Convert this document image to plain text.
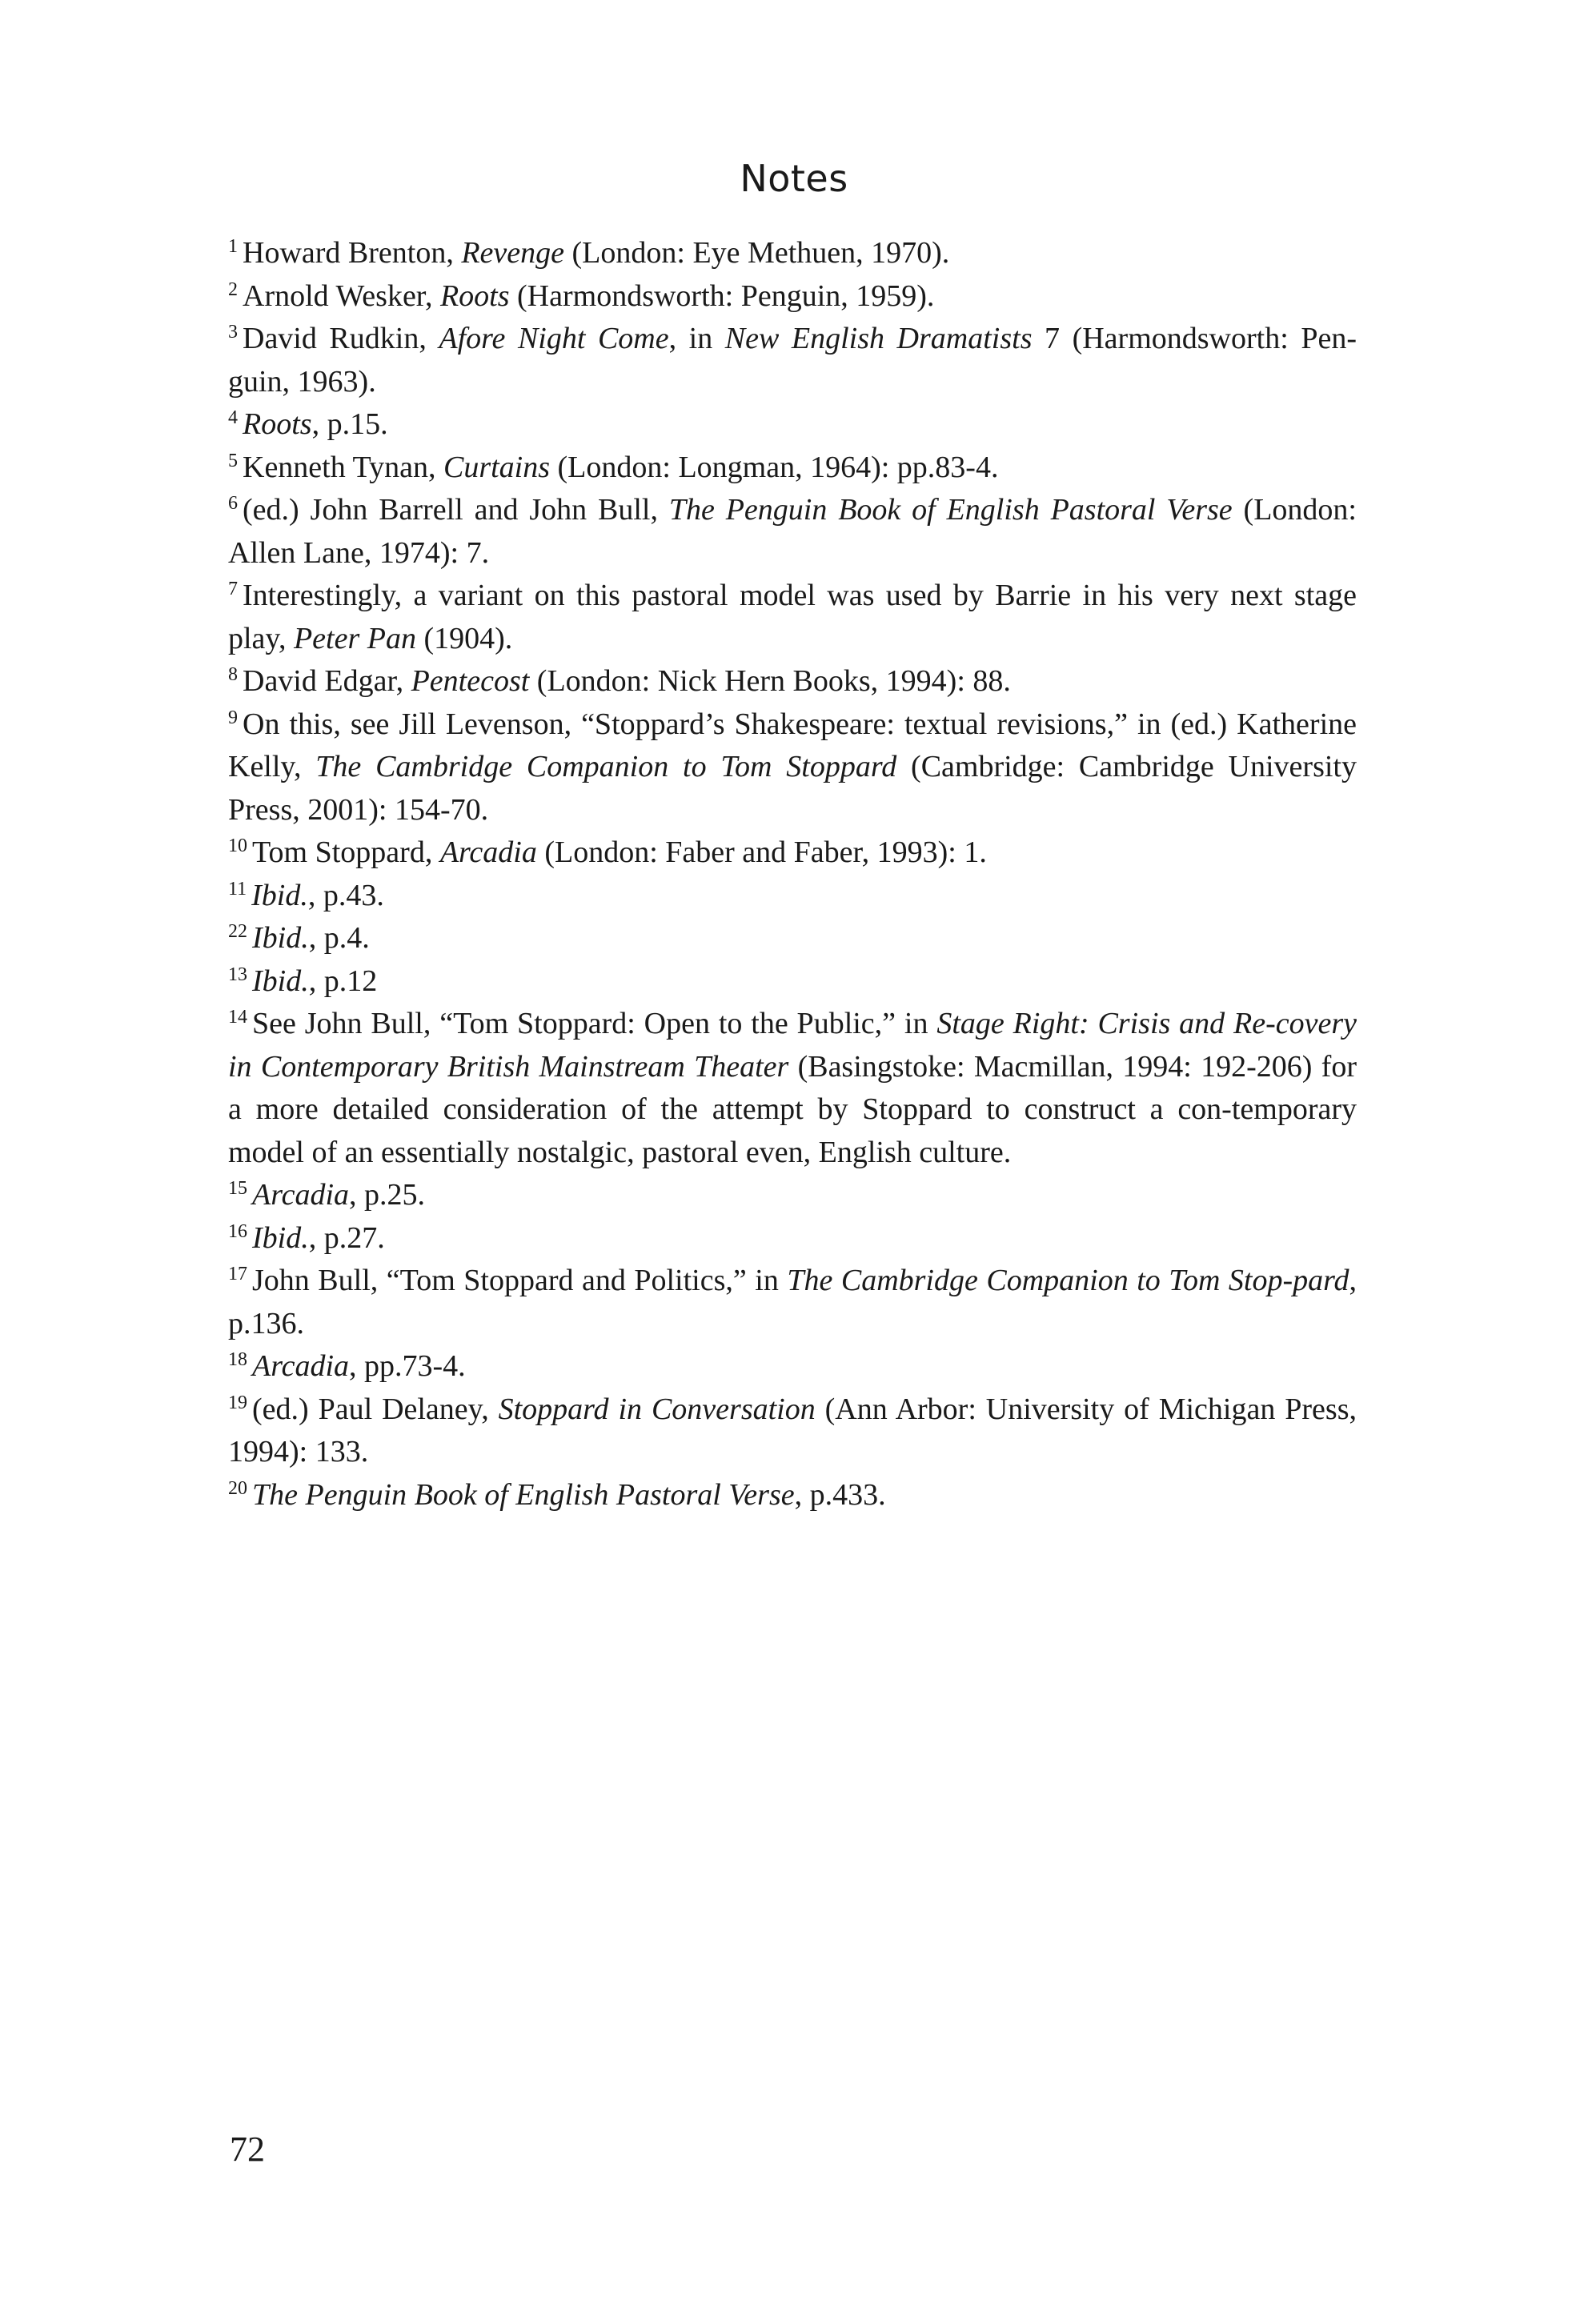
Notes
$^1$ Howard Brenton, Revenge (London: Eye Methuen, 1970).
$^2$ Arnold Wesker, Roots (Harmondsworth: Penguin, 1959).
$^3$ David Rudkin, Afore Night Come, in New English Dramatists 7 (Harmondsworth: Pen-guin, 1963).
$^4$ Roots, p.15.
$^5$ Kenneth Tynan, Curtains (London: Longman, 1964): pp.83-4.
$^6$ (ed.) John Barrell and John Bull, The Penguin Book of English Pastoral Verse (London: Allen Lane, 1974): 7.
$^7$ Interestingly, a variant on this pastoral model was used by Barrie in his very next stage play, Peter Pan (1904).
$^8$ David Edgar, Pentecost (London: Nick Hern Books, 1994): 88.
$^9$ On this, see Jill Levenson, “Stoppard’s Shakespeare: textual revisions,” in (ed.) Katherine Kelly, The Cambridge Companion to Tom Stoppard (Cambridge: Cambridge University Press, 2001): 154-70.
$^{10}$ Tom Stoppard, Arcadia (London: Faber and Faber, 1993): 1.
$^{11}$ Ibid., p.43.
$^{22}$ Ibid., p.4.
$^{13}$ Ibid., p.12
$^{14}$ See John Bull, “Tom Stoppard: Open to the Public,” in Stage Right: Crisis and Re-covery in Contemporary British Mainstream Theater (Basingstoke: Macmillan, 1994: 192-206) for a more detailed consideration of the attempt by Stoppard to construct a con-temporary model of an essentially nostalgic, pastoral even, English culture.
$^{15}$ Arcadia, p.25.
$^{16}$ Ibid., p.27.
$^{17}$ John Bull, “Tom Stoppard and Politics,” in The Cambridge Companion to Tom Stop-pard, p.136.
$^{18}$ Arcadia, pp.73-4.
$^{19}$ (ed.) Paul Delaney, Stoppard in Conversation (Ann Arbor: University of Michigan Press, 1994): 133.
$^{20}$ The Penguin Book of English Pastoral Verse, p.433.

72
